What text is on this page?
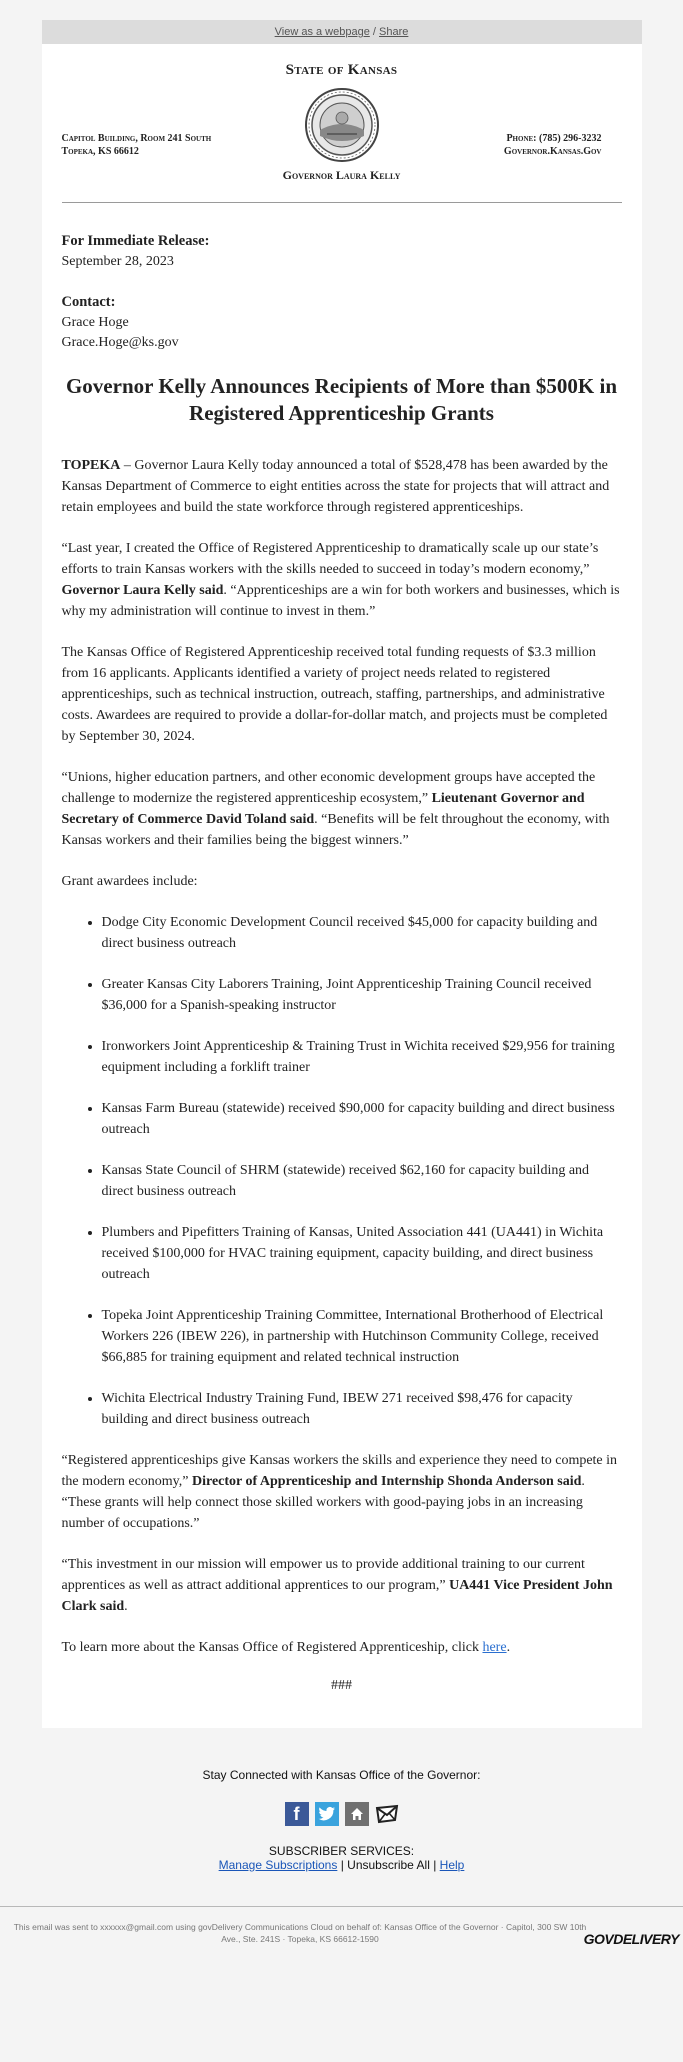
View as a webpage / Share
State of Kansas
Capitol Building, Room 241 South
Topeka, KS 66612
Phone: (785) 296-3232
Governor.Kansas.Gov
Governor Laura Kelly

For Immediate Release:
September 28, 2023

Contact:
Grace Hoge
Grace.Hoge@ks.gov

Governor Kelly Announces Recipients of More than $500K in Registered Apprenticeship Grants

TOPEKA – Governor Laura Kelly today announced a total of $528,478 has been awarded by the Kansas Department of Commerce to eight entities across the state for projects that will attract and retain employees and build the state workforce through registered apprenticeships.

“Last year, I created the Office of Registered Apprenticeship to dramatically scale up our state’s efforts to train Kansas workers with the skills needed to succeed in today’s modern economy,” Governor Laura Kelly said. “Apprenticeships are a win for both workers and businesses, which is why my administration will continue to invest in them.”

The Kansas Office of Registered Apprenticeship received total funding requests of $3.3 million from 16 applicants. Applicants identified a variety of project needs related to registered apprenticeships, such as technical instruction, outreach, staffing, partnerships, and administrative costs. Awardees are required to provide a dollar-for-dollar match, and projects must be completed by September 30, 2024.

“Unions, higher education partners, and other economic development groups have accepted the challenge to modernize the registered apprenticeship ecosystem,” Lieutenant Governor and Secretary of Commerce David Toland said. “Benefits will be felt throughout the economy, with Kansas workers and their families being the biggest winners.”

Grant awardees include:

• Dodge City Economic Development Council received $45,000 for capacity building and direct business outreach
• Greater Kansas City Laborers Training, Joint Apprenticeship Training Council received $36,000 for a Spanish-speaking instructor
• Ironworkers Joint Apprenticeship & Training Trust in Wichita received $29,956 for training equipment including a forklift trainer
• Kansas Farm Bureau (statewide) received $90,000 for capacity building and direct business outreach
• Kansas State Council of SHRM (statewide) received $62,160 for capacity building and direct business outreach
• Plumbers and Pipefitters Training of Kansas, United Association 441 (UA441) in Wichita received $100,000 for HVAC training equipment, capacity building, and direct business outreach
• Topeka Joint Apprenticeship Training Committee, International Brotherhood of Electrical Workers 226 (IBEW 226), in partnership with Hutchinson Community College, received $66,885 for training equipment and related technical instruction
• Wichita Electrical Industry Training Fund, IBEW 271 received $98,476 for capacity building and direct business outreach

“Registered apprenticeships give Kansas workers the skills and experience they need to compete in the modern economy,” Director of Apprenticeship and Internship Shonda Anderson said. “These grants will help connect those skilled workers with good-paying jobs in an increasing number of occupations.”

“This investment in our mission will empower us to provide additional training to our current apprentices as well as attract additional apprentices to our program,” UA441 Vice President John Clark said.

To learn more about the Kansas Office of Registered Apprenticeship, click here.

###
Stay Connected with Kansas Office of the Governor:
f
SUBSCRIBER SERVICES:
Manage Subscriptions | Unsubscribe All | Help
This email was sent to xxxxxx@gmail.com using govDelivery Communications Cloud on behalf of: Kansas Office of the Governor · Capitol, 300 SW 10th Ave., Ste. 241S · Topeka, KS 66612-1590	GOVDELIVERY
